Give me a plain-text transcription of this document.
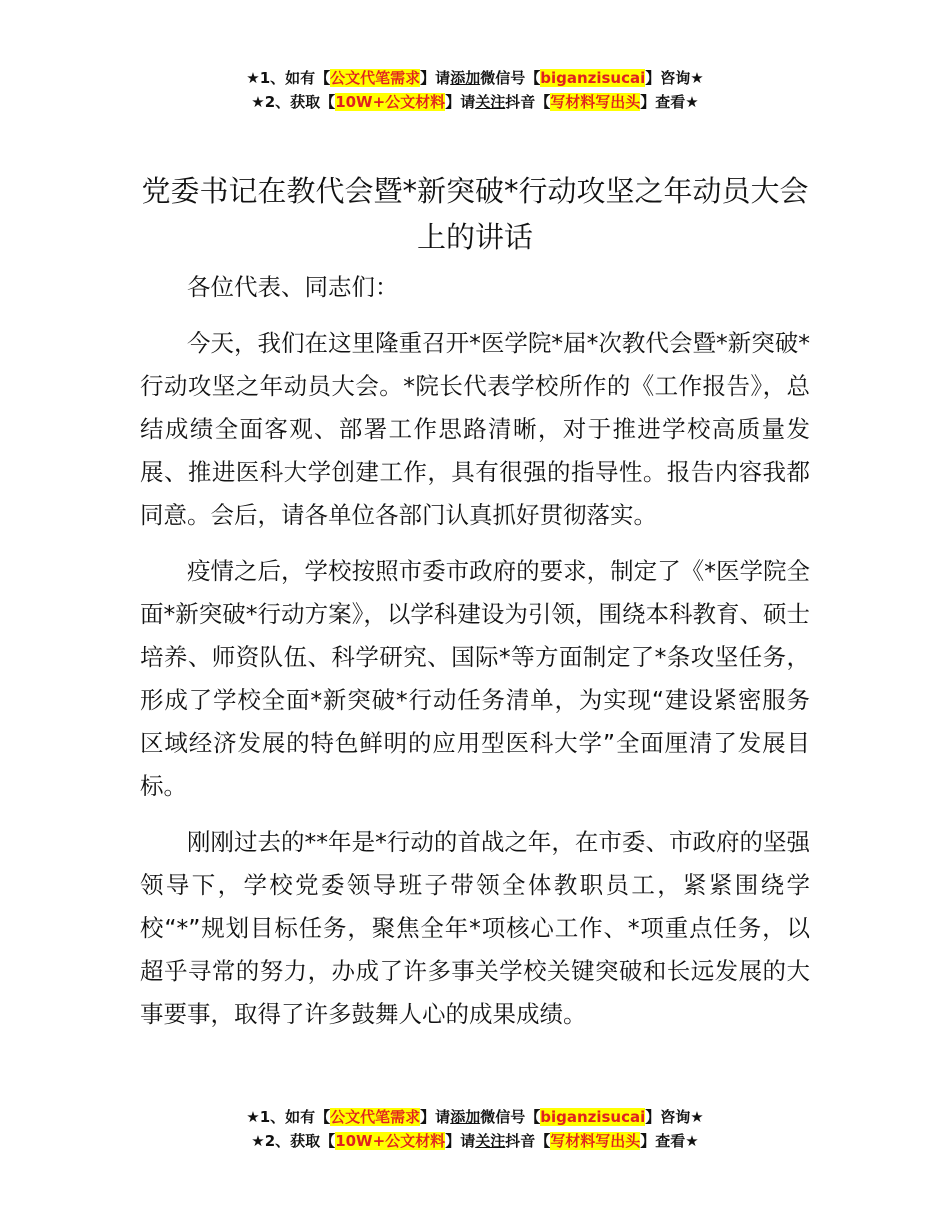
★1、如有【公文代笔需求】请添加微信号【biganzisucai】咨询★
★2、获取【10W+公文材料】请关注抖音【写材料写出头】查看★
党委书记在教代会暨*新突破*行动攻坚之年动员大会上的讲话

各位代表、同志们：

今天，我们在这里隆重召开*医学院*届*次教代会暨*新突破*行动攻坚之年动员大会。*院长代表学校所作的《工作报告》，总结成绩全面客观、部署工作思路清晰，对于推进学校高质量发展、推进医科大学创建工作，具有很强的指导性。报告内容我都同意。会后，请各单位各部门认真抓好贯彻落实。

疫情之后，学校按照市委市政府的要求，制定了《*医学院全面*新突破*行动方案》，以学科建设为引领，围绕本科教育、硕士培养、师资队伍、科学研究、国际*等方面制定了*条攻坚任务，形成了学校全面*新突破*行动任务清单，为实现“建设紧密服务区域经济发展的特色鲜明的应用型医科大学”全面厘清了发展目标。

刚刚过去的**年是*行动的首战之年，在市委、市政府的坚强领导下，学校党委领导班子带领全体教职员工，紧紧围绕学校“*”规划目标任务，聚焦全年*项核心工作、*项重点任务，以超乎寻常的努力，办成了许多事关学校关键突破和长远发展的大事要事，取得了许多鼓舞人心的成果成绩。

★1、如有【公文代笔需求】请添加微信号【biganzisucai】咨询★
★2、获取【10W+公文材料】请关注抖音【写材料写出头】查看★
